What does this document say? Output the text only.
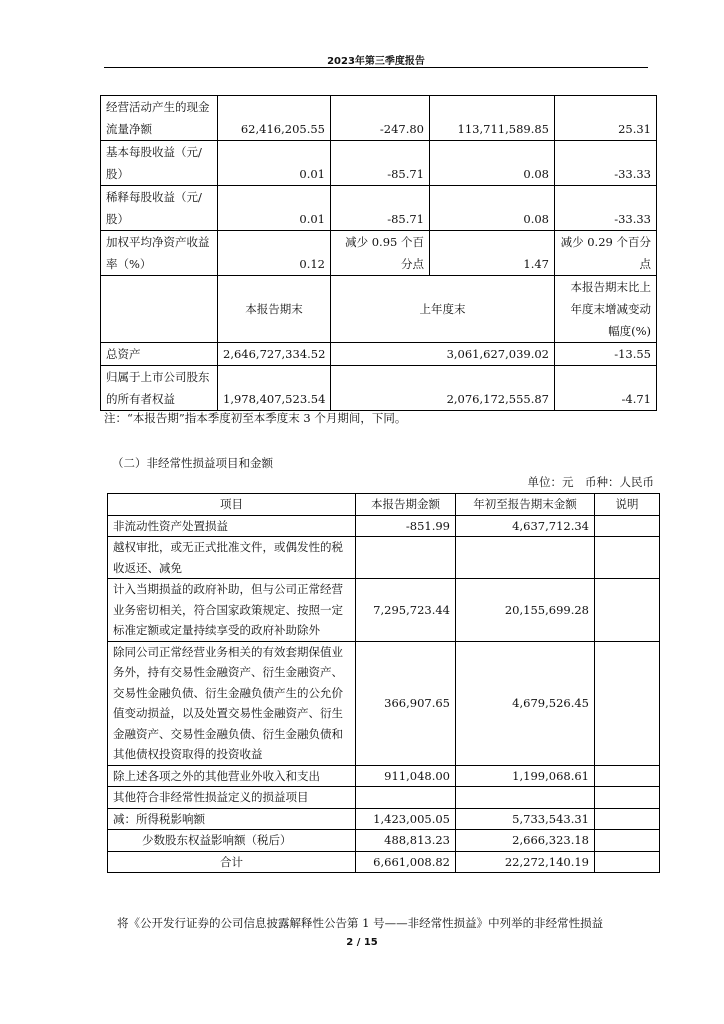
2023年第三季度报告
经营活动产生的现金流量净额	62,416,205.55	-247.80	113,711,589.85	25.31
基本每股收益（元/股）	0.01	-85.71	0.08	-33.33
稀释每股收益（元/股）	0.01	-85.71	0.08	-33.33
加权平均净资产收益率（%）	0.12	减少 0.95 个百分点	1.47	减少 0.29 个百分点
	本报告期末	上年度末		本报告期末比上年度末增减变动幅度(%)
总资产	2,646,727,334.52	3,061,627,039.02		-13.55
归属于上市公司股东的所有者权益	1,978,407,523.54	2,076,172,555.87		-4.71
注：“本报告期”指本季度初至本季度末 3 个月期间，下同。
（二）非经常性损益项目和金额
单位：元　币种：人民币
项目	本报告期金额	年初至报告期末金额	说明
非流动性资产处置损益	-851.99	4,637,712.34	
越权审批，或无正式批准文件，或偶发性的税收返还、减免			
计入当期损益的政府补助，但与公司正常经营业务密切相关，符合国家政策规定、按照一定标准定额或定量持续享受的政府补助除外	7,295,723.44	20,155,699.28	
除同公司正常经营业务相关的有效套期保值业务外，持有交易性金融资产、衍生金融资产、交易性金融负债、衍生金融负债产生的公允价值变动损益，以及处置交易性金融资产、衍生金融资产、交易性金融负债、衍生金融负债和其他债权投资取得的投资收益	366,907.65	4,679,526.45	
除上述各项之外的其他营业外收入和支出	911,048.00	1,199,068.61	
其他符合非经常性损益定义的损益项目			
减：所得税影响额	1,423,005.05	5,733,543.31	
少数股东权益影响额（税后）	488,813.23	2,666,323.18	
合计	6,661,008.82	22,272,140.19	
将《公开发行证券的公司信息披露解释性公告第 1 号——非经常性损益》中列举的非经常性损益
2 / 15
